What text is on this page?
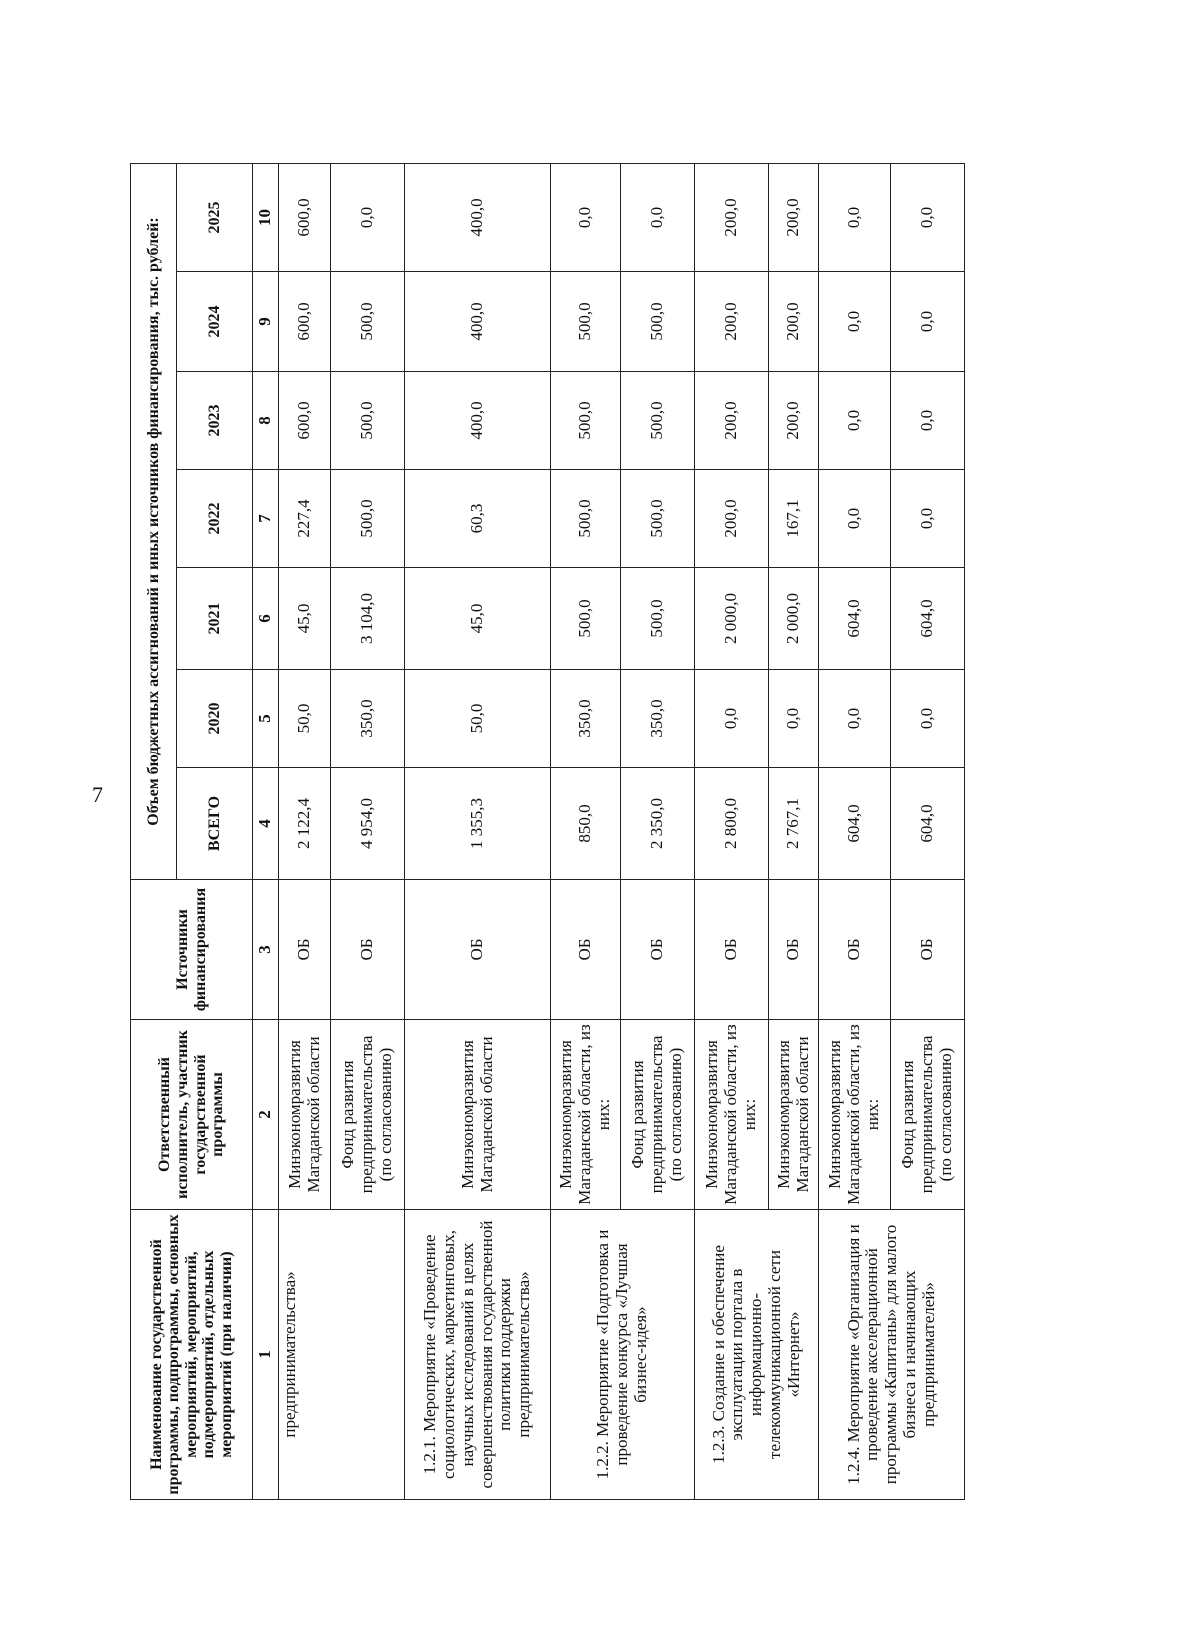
7
Наименование государственной программы, подпрограммы, основных мероприятий, мероприятий, подмероприятий, отдельных мероприятий (при наличии)	Ответственный исполнитель, участник государственной программы	Источники финансирования	Объем бюджетных ассигнований и иных источников финансирования, тыс. рублей:						
			ВСЕГО	2020	2021	2022	2023	2024	2025
1	2	3	4	5	6	7	8	9	10
предпринимательства»	Минэкономразвития Магаданской области	ОБ	2 122,4	50,0	45,0	227,4	600,0	600,0	600,0
	Фонд развития предпринимательства (по согласованию)	ОБ	4 954,0	350,0	3 104,0	500,0	500,0	500,0	0,0
1.2.1. Мероприятие «Проведение социологических, маркетинговых, научных исследований в целях совершенствования государственной политики поддержки предпринимательства»	Минэкономразвития Магаданской области	ОБ	1 355,3	50,0	45,0	60,3	400,0	400,0	400,0
1.2.2. Мероприятие «Подготовка и проведение конкурса «Лучшая бизнес-идея»	Минэкономразвития Магаданской области, из них:	ОБ	850,0	350,0	500,0	500,0	500,0	500,0	0,0
	Фонд развития предпринимательства (по согласованию)	ОБ	2 350,0	350,0	500,0	500,0	500,0	500,0	0,0
1.2.3. Создание и обеспечение эксплуатации портала в информационно-телекоммуникационной сети «Интернет»	Минэкономразвития Магаданской области, из них:	ОБ	2 800,0	0,0	2 000,0	200,0	200,0	200,0	200,0
	Минэкономразвития Магаданской области	ОБ	2 767,1	0,0	2 000,0	167,1	200,0	200,0	200,0
1.2.4. Мероприятие «Организация и проведение акселерационной программы «Капитаны» для малого бизнеса и начинающих предпринимателей»	Минэкономразвития Магаданской области, из них:	ОБ	604,0	0,0	604,0	0,0	0,0	0,0	0,0
	Фонд развития предпринимательства (по согласованию)	ОБ	604,0	0,0	604,0	0,0	0,0	0,0	0,0
